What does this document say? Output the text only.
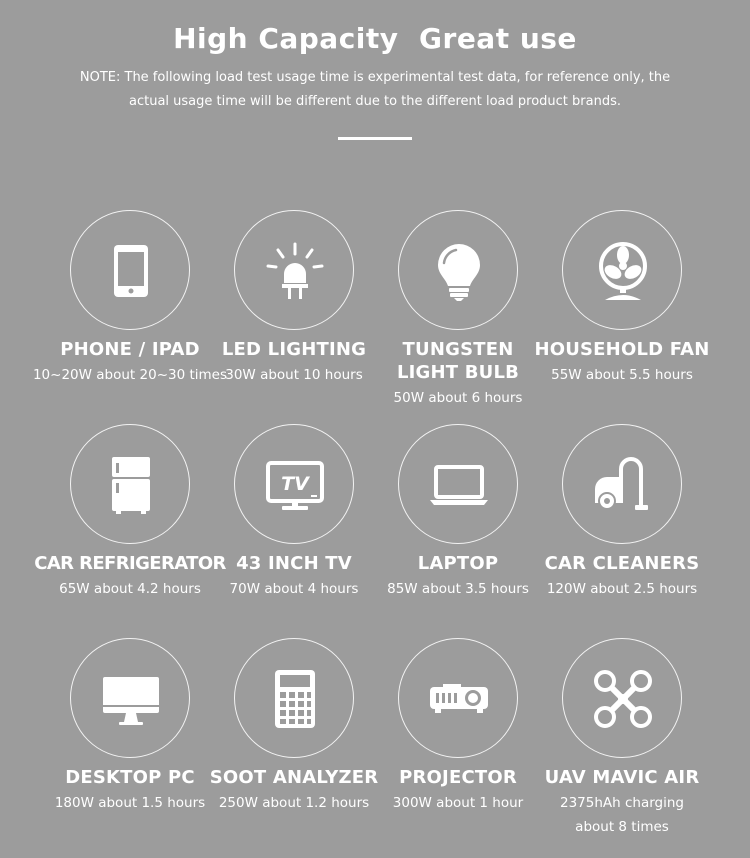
High Capacity  Great use
NOTE: The following load test usage time is experimental test data, for reference only, the
actual usage time will be different due to the different load product brands.
PHONE / IPAD
10~20W about 20~30 times
LED LIGHTING
30W about 10 hours
TUNGSTEN
LIGHT BULB
50W about 6 hours
HOUSEHOLD FAN
55W about 5.5 hours
CAR REFRIGERATOR
65W about 4.2 hours
TV
43 INCH TV
70W about 4 hours
LAPTOP
85W about 3.5 hours
CAR CLEANERS
120W about 2.5 hours
DESKTOP PC
180W about 1.5 hours
SOOT ANALYZER
250W about 1.2 hours
PROJECTOR
300W about 1 hour
UAV MAVIC AIR
2375hAh charging
about 8 times
